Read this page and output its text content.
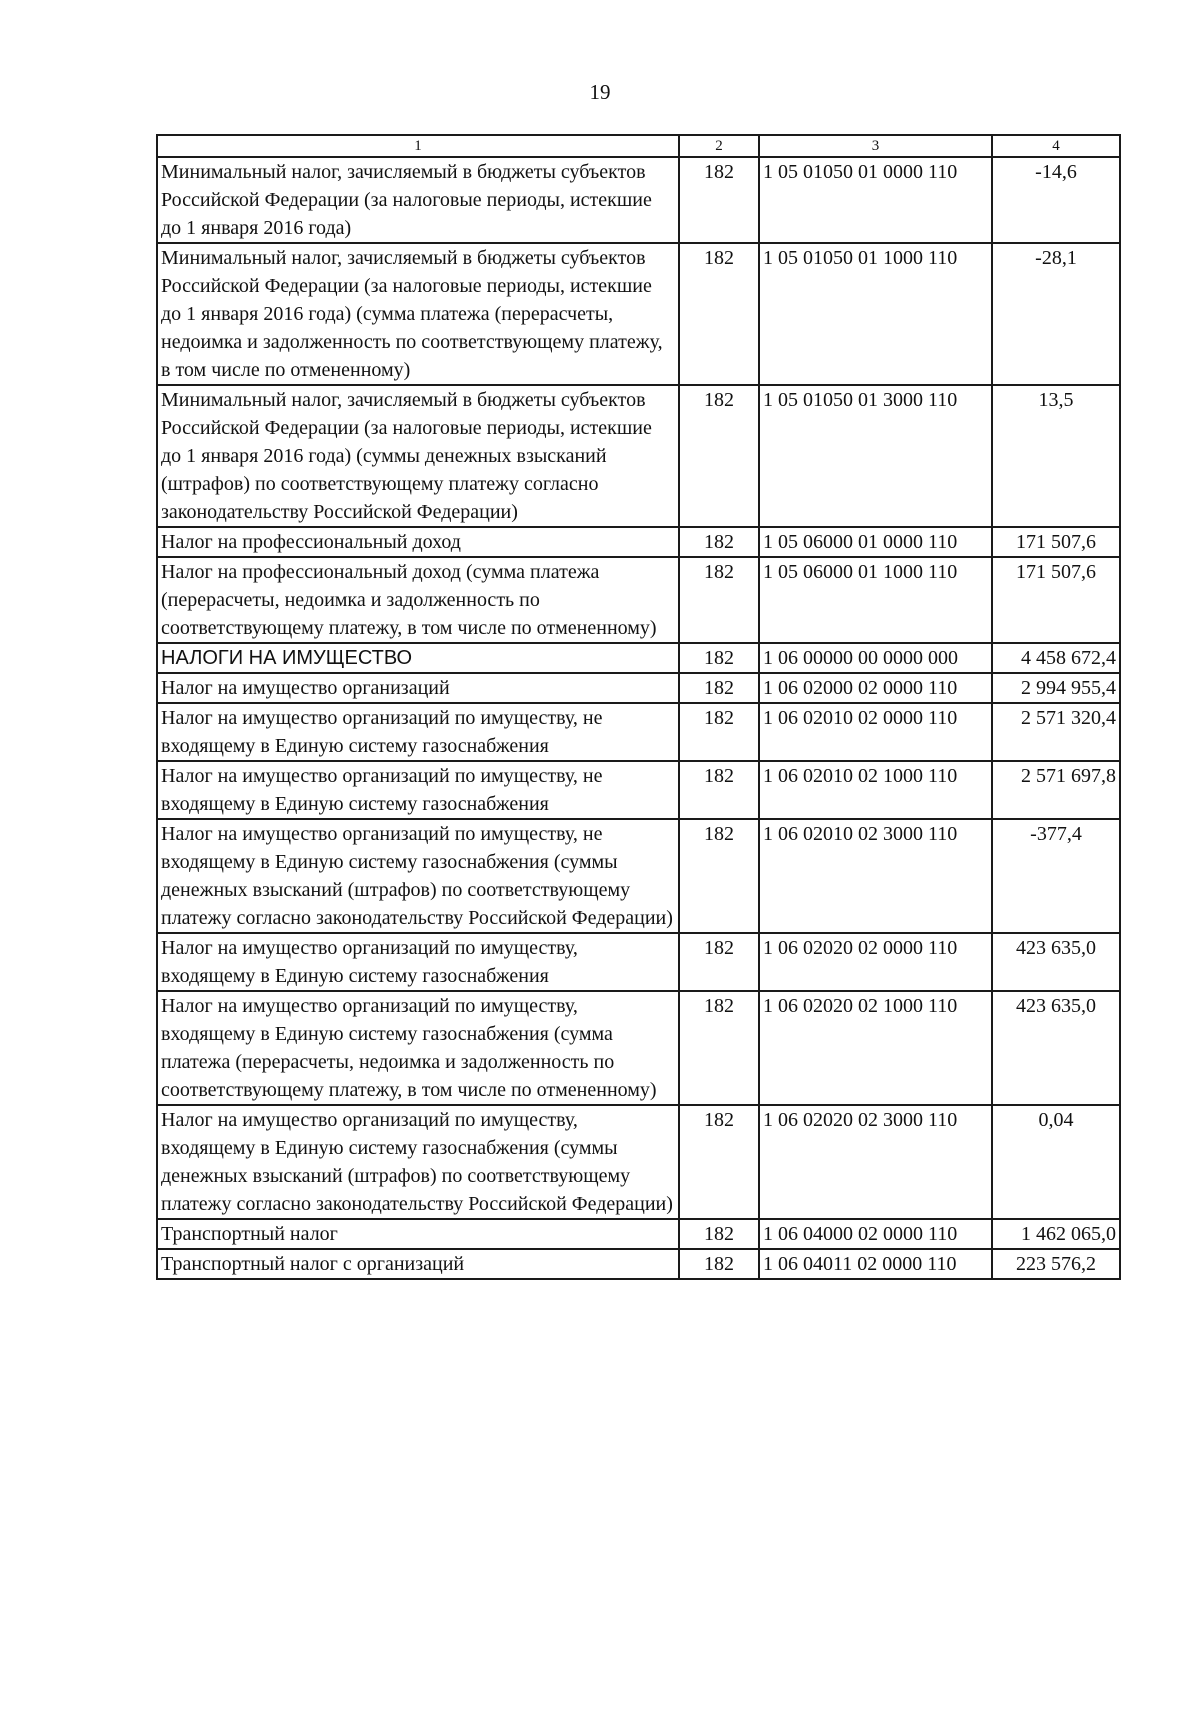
19
1	2	3	4
Минимальный налог, зачисляемый в бюджеты субъектов Российской Федерации (за налоговые периоды, истекшие до 1 января 2016 года)	182	1 05 01050 01 0000 110	-14,6
Минимальный налог, зачисляемый в бюджеты субъектов Российской Федерации (за налоговые периоды, истекшие до 1 января 2016 года) (сумма платежа (перерасчеты, недоимка и задолженность по соответствующему платежу, в том числе по отмененному)	182	1 05 01050 01 1000 110	-28,1
Минимальный налог, зачисляемый в бюджеты субъектов Российской Федерации (за налоговые периоды, истекшие до 1 января 2016 года) (суммы денежных взысканий (штрафов) по соответствующему платежу согласно законодательству Российской Федерации)	182	1 05 01050 01 3000 110	13,5
Налог на профессиональный доход	182	1 05 06000 01 0000 110	171 507,6
Налог на профессиональный доход (сумма платежа (перерасчеты, недоимка и задолженность по соответствующему платежу, в том числе по отмененному)	182	1 05 06000 01 1000 110	171 507,6
НАЛОГИ НА ИМУЩЕСТВО	182	1 06 00000 00 0000 000	4 458 672,4
Налог на имущество организаций	182	1 06 02000 02 0000 110	2 994 955,4
Налог на имущество организаций по имуществу, не входящему в Единую систему газоснабжения	182	1 06 02010 02 0000 110	2 571 320,4
Налог на имущество организаций по имуществу, не входящему в Единую систему газоснабжения	182	1 06 02010 02 1000 110	2 571 697,8
Налог на имущество организаций по имуществу, не входящему в Единую систему газоснабжения (суммы денежных взысканий (штрафов) по соответствующему платежу согласно законодательству Российской Федерации)	182	1 06 02010 02 3000 110	-377,4
Налог на имущество организаций по имуществу, входящему в Единую систему газоснабжения	182	1 06 02020 02 0000 110	423 635,0
Налог на имущество организаций по имуществу, входящему в Единую систему газоснабжения (сумма платежа (перерасчеты, недоимка и задолженность по соответствующему платежу, в том числе по отмененному)	182	1 06 02020 02 1000 110	423 635,0
Налог на имущество организаций по имуществу, входящему в Единую систему газоснабжения (суммы денежных взысканий (штрафов) по соответствующему платежу согласно законодательству Российской Федерации)	182	1 06 02020 02 3000 110	0,04
Транспортный налог	182	1 06 04000 02 0000 110	1 462 065,0
Транспортный налог с организаций	182	1 06 04011 02 0000 110	223 576,2
